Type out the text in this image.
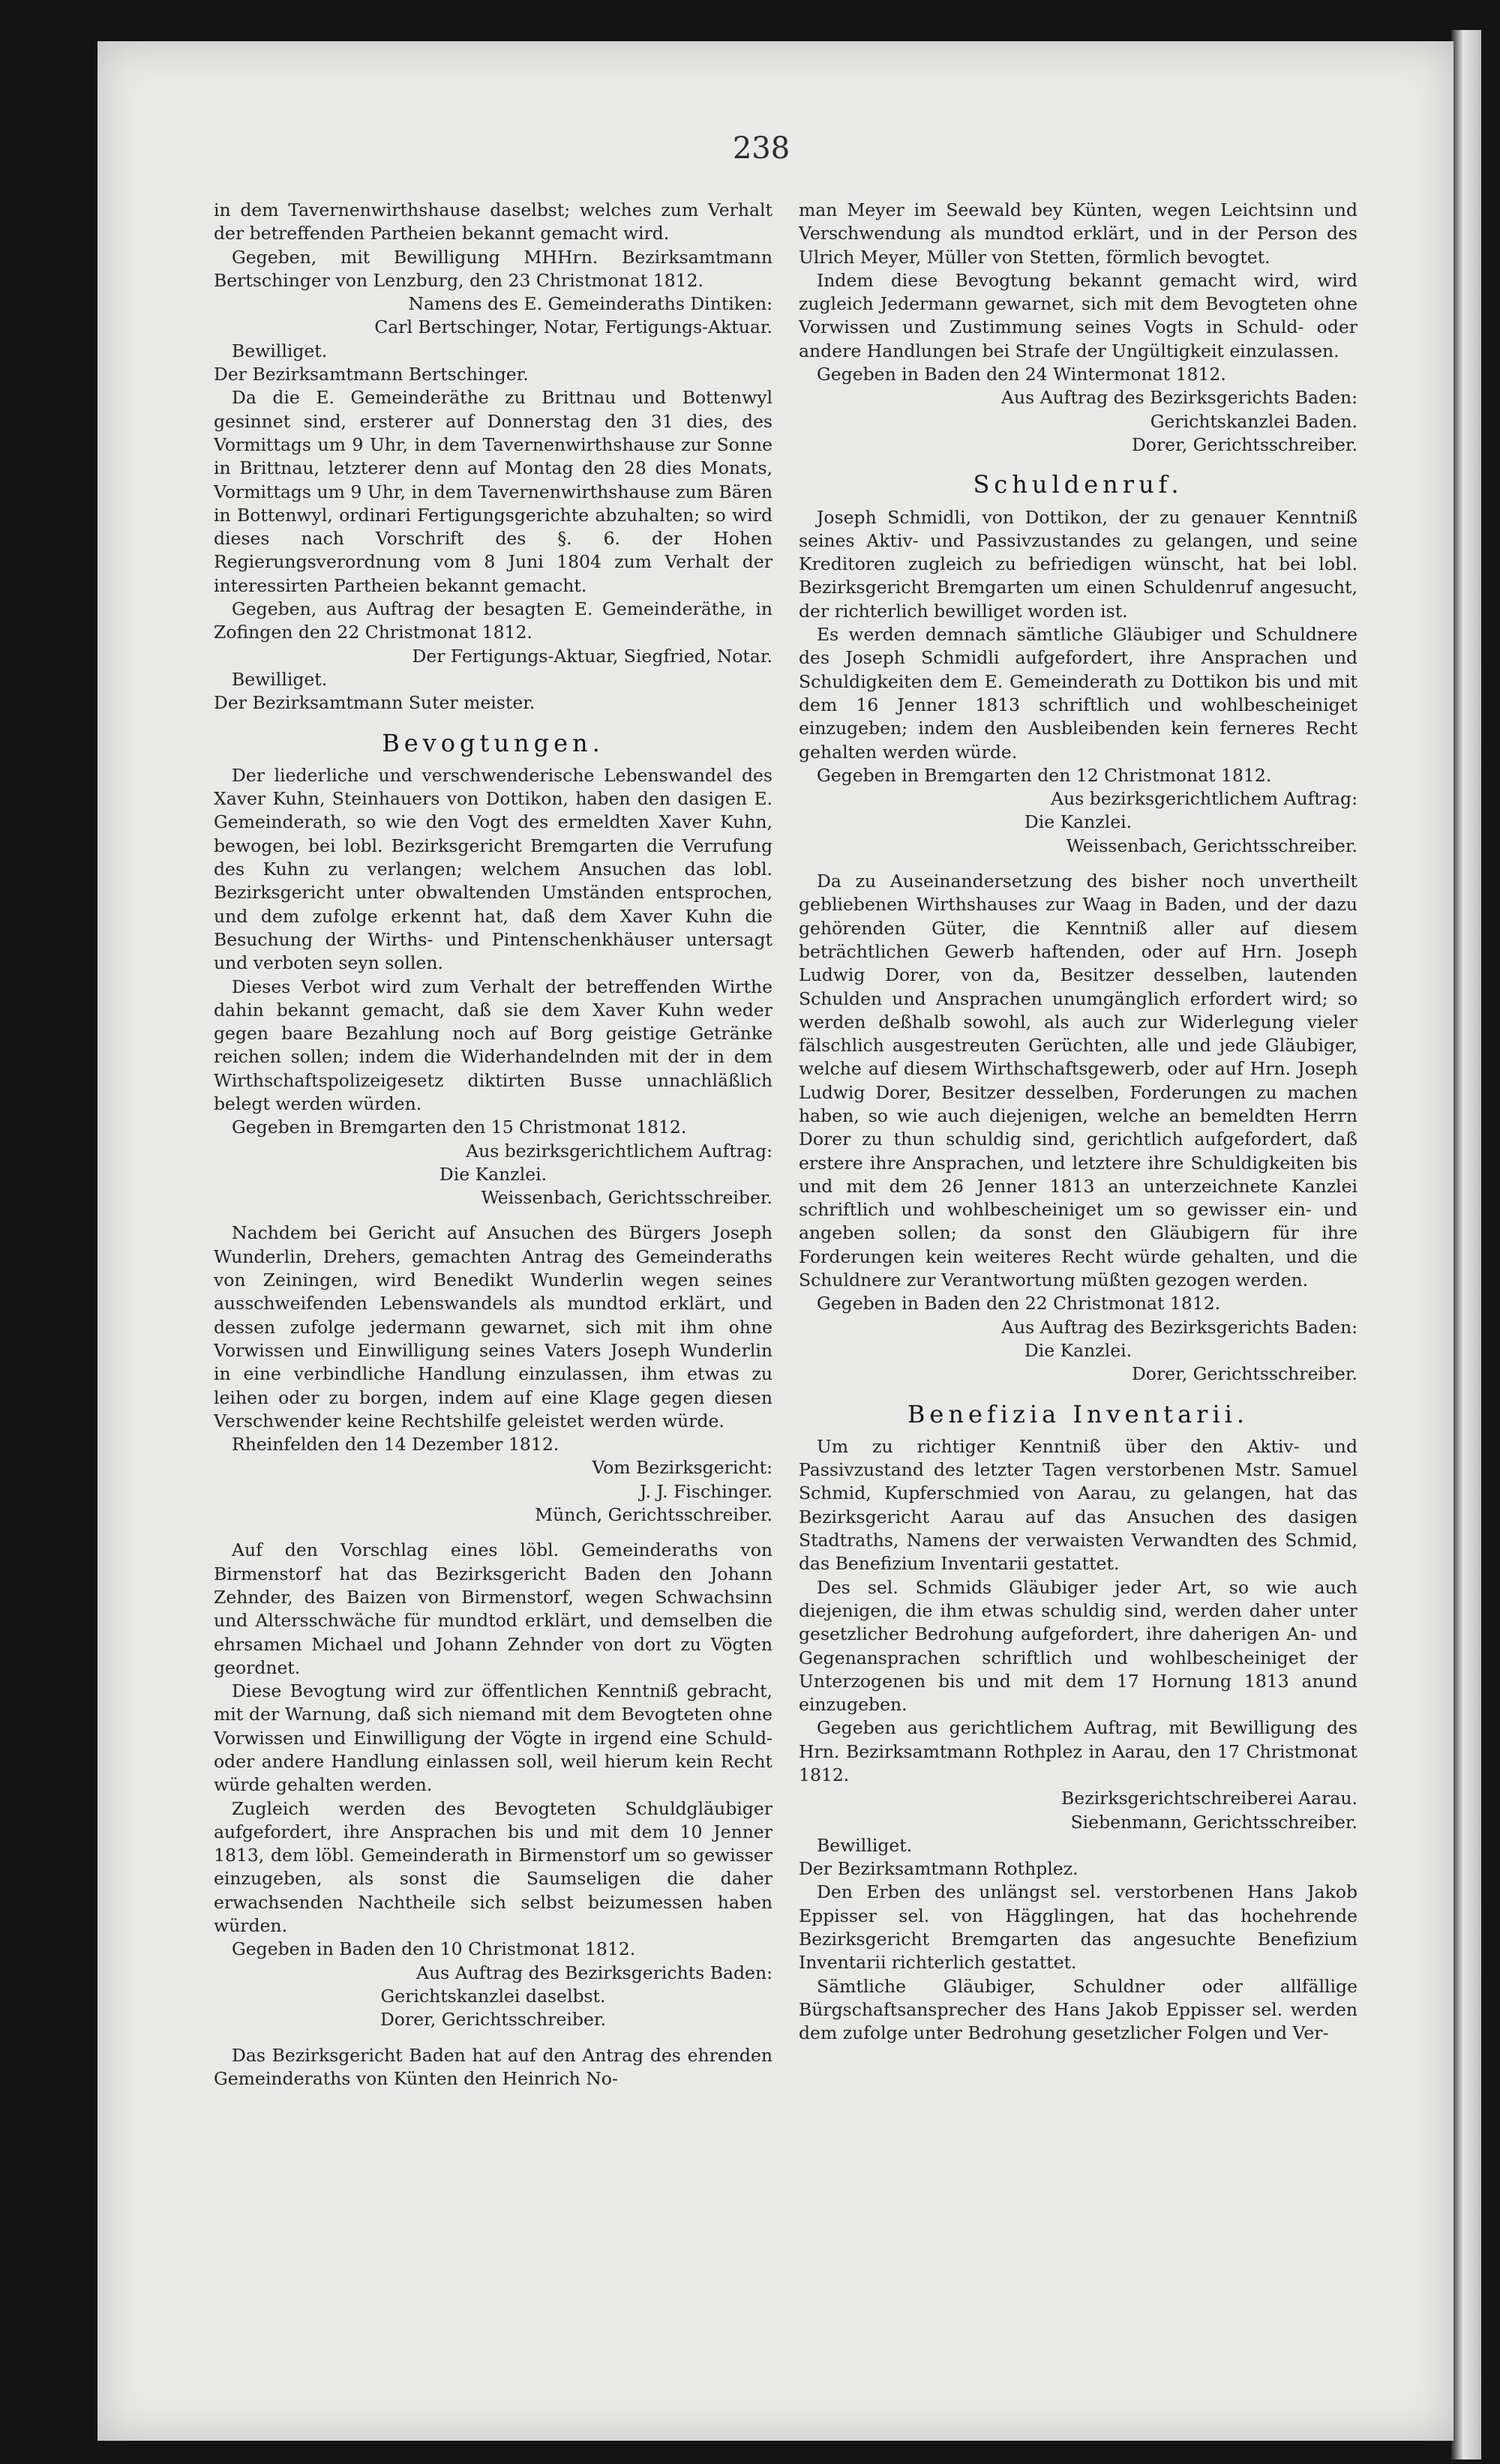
238

in dem Tavernenwirthshause daselbst; welches zum Verhalt der betreffenden Partheien bekannt gemacht wird.

Gegeben, mit Bewilligung MHHrn. Bezirksamtmann Bertschinger von Lenzburg, den 23 Christmonat 1812.

Namens des E. Gemeinderaths Dintiken:

Carl Bertschinger, Notar, Fertigungs-Aktuar.

Bewilliget.

Der Bezirksamtmann Bertschinger.

Da die E. Gemeinderäthe zu Brittnau und Bottenwyl gesinnet sind, ersterer auf Donnerstag den 31 dies, des Vormittags um 9 Uhr, in dem Tavernenwirthshause zur Sonne in Brittnau, letzterer denn auf Montag den 28 dies Monats, Vormittags um 9 Uhr, in dem Tavernenwirthshause zum Bären in Bottenwyl, ordinari Fertigungsgerichte abzuhalten; so wird dieses nach Vorschrift des §. 6. der Hohen Regierungsverordnung vom 8 Juni 1804 zum Verhalt der interessirten Partheien bekannt gemacht.

Gegeben, aus Auftrag der besagten E. Gemeinderäthe, in Zofingen den 22 Christmonat 1812.

Der Fertigungs-Aktuar, Siegfried, Notar.

Bewilliget.

Der Bezirksamtmann Suter meister.

Bevogtungen.

Der liederliche und verschwenderische Lebenswandel des Xaver Kuhn, Steinhauers von Dottikon, haben den dasigen E. Gemeinderath, so wie den Vogt des ermeldten Xaver Kuhn, bewogen, bei lobl. Bezirksgericht Bremgarten die Verrufung des Kuhn zu verlangen; welchem Ansuchen das lobl. Bezirksgericht unter obwaltenden Umständen entsprochen, und dem zufolge erkennt hat, daß dem Xaver Kuhn die Besuchung der Wirths- und Pintenschenkhäuser untersagt und verboten seyn sollen.

Dieses Verbot wird zum Verhalt der betreffenden Wirthe dahin bekannt gemacht, daß sie dem Xaver Kuhn weder gegen baare Bezahlung noch auf Borg geistige Getränke reichen sollen; indem die Widerhandelnden mit der in dem Wirthschaftspolizeigesetz diktirten Busse unnachläßlich belegt werden würden.

Gegeben in Bremgarten den 15 Christmonat 1812.

Aus bezirksgerichtlichem Auftrag:

Die Kanzlei.

Weissenbach, Gerichtsschreiber.

Nachdem bei Gericht auf Ansuchen des Bürgers Joseph Wunderlin, Drehers, gemachten Antrag des Gemeinderaths von Zeiningen, wird Benedikt Wunderlin wegen seines ausschweifenden Lebenswandels als mundtod erklärt, und dessen zufolge jedermann gewarnet, sich mit ihm ohne Vorwissen und Einwilligung seines Vaters Joseph Wunderlin in eine verbindliche Handlung einzulassen, ihm etwas zu leihen oder zu borgen, indem auf eine Klage gegen diesen Verschwender keine Rechtshilfe geleistet werden würde.

Rheinfelden den 14 Dezember 1812.

Vom Bezirksgericht:

J. J. Fischinger.

Münch, Gerichtsschreiber.

Auf den Vorschlag eines löbl. Gemeinderaths von Birmenstorf hat das Bezirksgericht Baden den Johann Zehnder, des Baizen von Birmenstorf, wegen Schwachsinn und Altersschwäche für mundtod erklärt, und demselben die ehrsamen Michael und Johann Zehnder von dort zu Vögten geordnet.

Diese Bevogtung wird zur öffentlichen Kenntniß gebracht, mit der Warnung, daß sich niemand mit dem Bevogteten ohne Vorwissen und Einwilligung der Vögte in irgend eine Schuld- oder andere Handlung einlassen soll, weil hierum kein Recht würde gehalten werden.

Zugleich werden des Bevogteten Schuldgläubiger aufgefordert, ihre Ansprachen bis und mit dem 10 Jenner 1813, dem löbl. Gemeinderath in Birmenstorf um so gewisser einzugeben, als sonst die Saumseligen die daher erwachsenden Nachtheile sich selbst beizumessen haben würden.

Gegeben in Baden den 10 Christmonat 1812.

Aus Auftrag des Bezirksgerichts Baden:

Gerichtskanzlei daselbst.

Dorer, Gerichtsschreiber.

Das Bezirksgericht Baden hat auf den Antrag des ehrenden Gemeinderaths von Künten den Heinrich No-

man Meyer im Seewald bey Künten, wegen Leichtsinn und Verschwendung als mundtod erklärt, und in der Person des Ulrich Meyer, Müller von Stetten, förmlich bevogtet.

Indem diese Bevogtung bekannt gemacht wird, wird zugleich Jedermann gewarnet, sich mit dem Bevogteten ohne Vorwissen und Zustimmung seines Vogts in Schuld- oder andere Handlungen bei Strafe der Ungültigkeit einzulassen.

Gegeben in Baden den 24 Wintermonat 1812.

Aus Auftrag des Bezirksgerichts Baden:

Gerichtskanzlei Baden.

Dorer, Gerichtsschreiber.

Schuldenruf.

Joseph Schmidli, von Dottikon, der zu genauer Kenntniß seines Aktiv- und Passivzustandes zu gelangen, und seine Kreditoren zugleich zu befriedigen wünscht, hat bei lobl. Bezirksgericht Bremgarten um einen Schuldenruf angesucht, der richterlich bewilliget worden ist.

Es werden demnach sämtliche Gläubiger und Schuldnere des Joseph Schmidli aufgefordert, ihre Ansprachen und Schuldigkeiten dem E. Gemeinderath zu Dottikon bis und mit dem 16 Jenner 1813 schriftlich und wohlbescheiniget einzugeben; indem den Ausbleibenden kein ferneres Recht gehalten werden würde.

Gegeben in Bremgarten den 12 Christmonat 1812.

Aus bezirksgerichtlichem Auftrag:

Die Kanzlei.

Weissenbach, Gerichtsschreiber.

Da zu Auseinandersetzung des bisher noch unvertheilt gebliebenen Wirthshauses zur Waag in Baden, und der dazu gehörenden Güter, die Kenntniß aller auf diesem beträchtlichen Gewerb haftenden, oder auf Hrn. Joseph Ludwig Dorer, von da, Besitzer desselben, lautenden Schulden und Ansprachen unumgänglich erfordert wird; so werden deßhalb sowohl, als auch zur Widerlegung vieler fälschlich ausgestreuten Gerüchten, alle und jede Gläubiger, welche auf diesem Wirthschaftsgewerb, oder auf Hrn. Joseph Ludwig Dorer, Besitzer desselben, Forderungen zu machen haben, so wie auch diejenigen, welche an bemeldten Herrn Dorer zu thun schuldig sind, gerichtlich aufgefordert, daß erstere ihre Ansprachen, und letztere ihre Schuldigkeiten bis und mit dem 26 Jenner 1813 an unterzeichnete Kanzlei schriftlich und wohlbescheiniget um so gewisser ein- und angeben sollen; da sonst den Gläubigern für ihre Forderungen kein weiteres Recht würde gehalten, und die Schuldnere zur Verantwortung müßten gezogen werden.

Gegeben in Baden den 22 Christmonat 1812.

Aus Auftrag des Bezirksgerichts Baden:

Die Kanzlei.

Dorer, Gerichtsschreiber.

Benefizia Inventarii.

Um zu richtiger Kenntniß über den Aktiv- und Passivzustand des letzter Tagen verstorbenen Mstr. Samuel Schmid, Kupferschmied von Aarau, zu gelangen, hat das Bezirksgericht Aarau auf das Ansuchen des dasigen Stadtraths, Namens der verwaisten Verwandten des Schmid, das Benefizium Inventarii gestattet.

Des sel. Schmids Gläubiger jeder Art, so wie auch diejenigen, die ihm etwas schuldig sind, werden daher unter gesetzlicher Bedrohung aufgefordert, ihre daherigen An- und Gegenansprachen schriftlich und wohlbescheiniget der Unterzogenen bis und mit dem 17 Hornung 1813 anund einzugeben.

Gegeben aus gerichtlichem Auftrag, mit Bewilligung des Hrn. Bezirksamtmann Rothplez in Aarau, den 17 Christmonat 1812.

Bezirksgerichtschreiberei Aarau.

Siebenmann, Gerichtsschreiber.

Bewilliget.

Der Bezirksamtmann Rothplez.

Den Erben des unlängst sel. verstorbenen Hans Jakob Eppisser sel. von Hägglingen, hat das hochehrende Bezirksgericht Bremgarten das angesuchte Benefizium Inventarii richterlich gestattet.

Sämtliche Gläubiger, Schuldner oder allfällige Bürgschaftsansprecher des Hans Jakob Eppisser sel. werden dem zufolge unter Bedrohung gesetzlicher Folgen und Ver-
